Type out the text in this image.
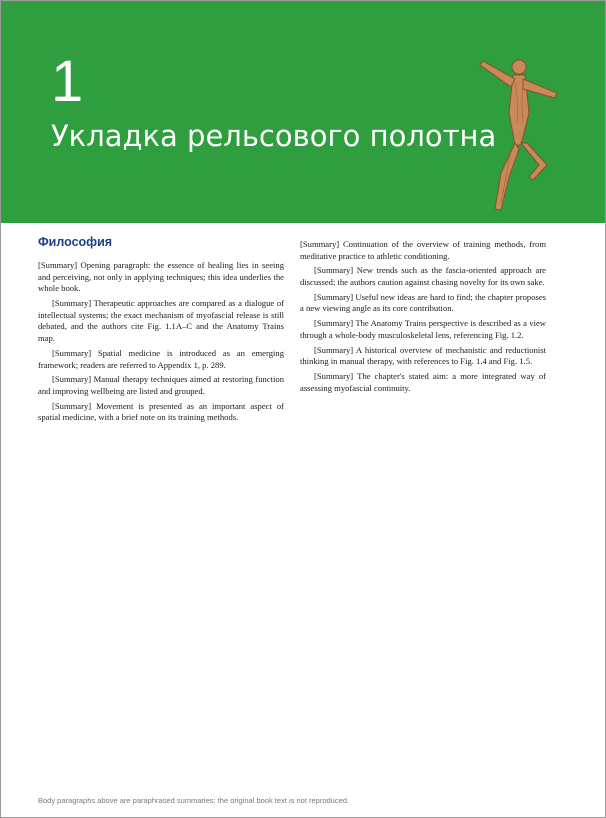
1
Укладка рельсового полотна
Философия

[Summary] Opening paragraph: the essence of healing lies in seeing and perceiving, not only in applying techniques; this idea underlies the whole book.

[Summary] Therapeutic approaches are compared as a dialogue of intellectual systems; the exact mechanism of myofascial release is still debated, and the authors cite Fig. 1.1A–C and the Anatomy Trains map.

[Summary] Spatial medicine is introduced as an emerging framework; readers are referred to Appendix 1, p. 289.

[Summary] Manual therapy techniques aimed at restoring function and improving wellbeing are listed and grouped.

[Summary] Movement is presented as an important aspect of spatial medicine, with a brief note on its training methods.

[Summary] Continuation of the overview of training methods, from meditative practice to athletic conditioning.

[Summary] New trends such as the fascia-oriented approach are discussed; the authors caution against chasing novelty for its own sake.

[Summary] Useful new ideas are hard to find; the chapter proposes a new viewing angle as its core contribution.

[Summary] The Anatomy Trains perspective is described as a view through a whole-body musculoskeletal lens, referencing Fig. 1.2.

[Summary] A historical overview of mechanistic and reductionist thinking in manual therapy, with references to Fig. 1.4 and Fig. 1.5.

[Summary] The chapter's stated aim: a more integrated way of assessing myofascial continuity.

Body paragraphs above are paraphrased summaries; the original book text is not reproduced.
